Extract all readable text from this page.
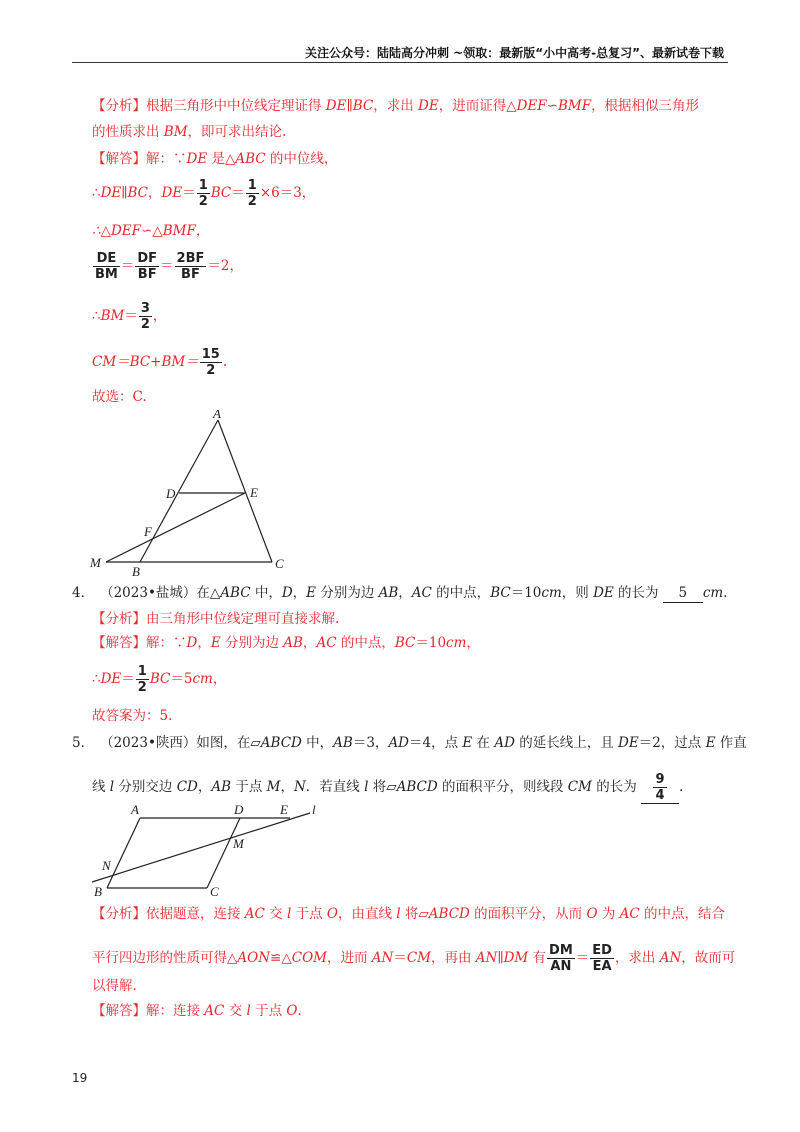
关注公众号：陆陆高分冲刺 ~领取：最新版“小中高考-总复习”、最新试卷下载
【分析】根据三角形中中位线定理证得 DE∥BC，求出 DE，进而证得△DEF∽BMF，根据相似三角形
的性质求出 BM，即可求出结论.
【解答】解：∵DE 是△ABC 的中位线，
∴DE∥BC，$DE= \frac{1}{2} BC= \frac{1}{2} \times 6=3$，
∴△DEF∽△BMF，
$\frac{DE}{BM} = \frac{DF}{BF} = \frac{2BF}{BF} =2$，
∴BM＝ $\frac{3}{2}$ ，
$CM=BC+BM= \frac{15}{2}$ .
故选：C.
A
D	E
F
M
B
C
4． （2023•盐城）在△ABC 中，D，E 分别为边 AB，AC 的中点，BC＝10cm，则 DE 的长为 5 cm.
【分析】由三角形中位线定理可直接求解.
【解答】解：∵D，E 分别为边 AB，AC 的中点，BC＝10cm，
∴DE＝ $\frac{1}{2} BC=5cm$，
故答案为：5.
5． （2023•陕西）如图，在▱ABCD 中，AB＝3，AD＝4，点 E 在 AD 的延长线上，且 DE＝2，过点 E 作直
线 l 分别交边 CD，AB 于点 M，N．若直线 l 将▱ABCD 的面积平分，则线段 CM 的长为 $\frac{9}{4}$ .
A	D	E l
M
N
B	C
【分析】依据题意，连接 AC 交 l 于点 O，由直线 l 将▱ABCD 的面积平分，从而 O 为 AC 的中点，结合
平行四边形的性质可得△AON≌△COM，进而 AN＝CM，再由 AN∥DM 有 $\frac{DM}{AN} = \frac{ED}{EA}$ ，求出 AN，故而可
以得解.
【解答】解：连接 AC 交 l 于点 O.
19
